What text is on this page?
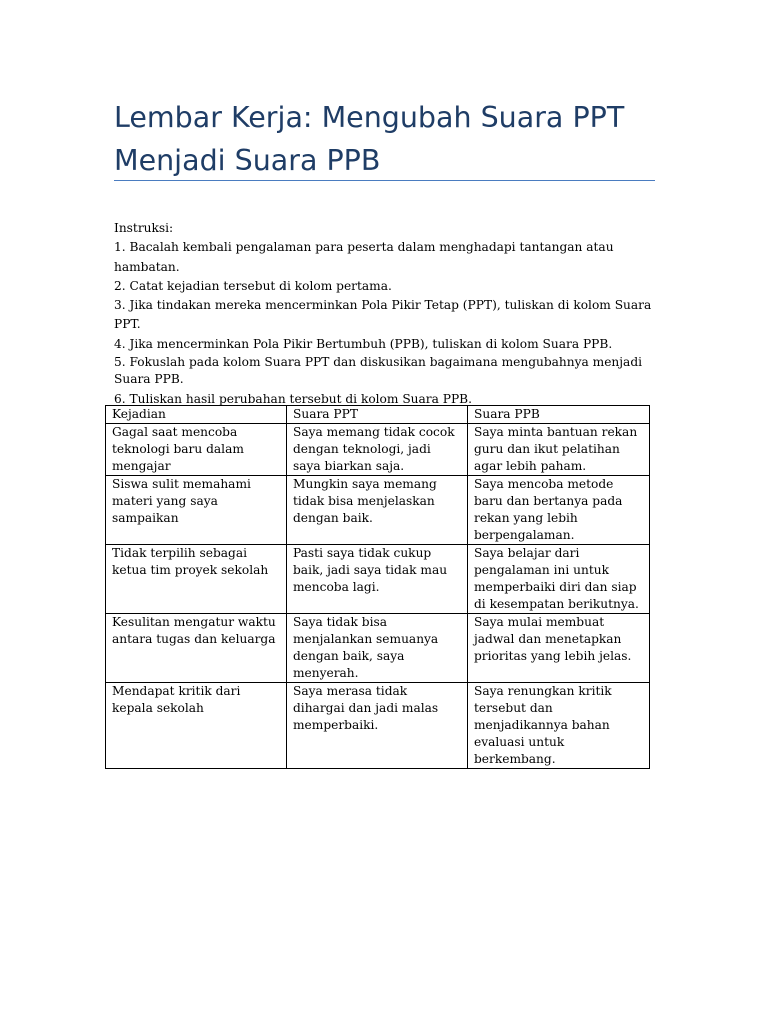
Lembar Kerja: Mengubah Suara PPT Menjadi Suara PPB

Instruksi:

1. Bacalah kembali pengalaman para peserta dalam menghadapi tantangan atau hambatan.
2. Catat kejadian tersebut di kolom pertama.
3. Jika tindakan mereka mencerminkan Pola Pikir Tetap (PPT), tuliskan di kolom Suara PPT.
4. Jika mencerminkan Pola Pikir Bertumbuh (PPB), tuliskan di kolom Suara PPB.
5. Fokuslah pada kolom Suara PPT dan diskusikan bagaimana mengubahnya menjadi Suara PPB.
6. Tuliskan hasil perubahan tersebut di kolom Suara PPB.
Kejadian	Suara PPT	Suara PPB
Gagal saat mencoba teknologi baru dalam mengajar	Saya memang tidak cocok dengan teknologi, jadi saya biarkan saja.	Saya minta bantuan rekan guru dan ikut pelatihan agar lebih paham.
Siswa sulit memahami materi yang saya sampaikan	Mungkin saya memang tidak bisa menjelaskan dengan baik.	Saya mencoba metode baru dan bertanya pada rekan yang lebih berpengalaman.
Tidak terpilih sebagai ketua tim proyek sekolah	Pasti saya tidak cukup baik, jadi saya tidak mau mencoba lagi.	Saya belajar dari pengalaman ini untuk memperbaiki diri dan siap di kesempatan berikutnya.
Kesulitan mengatur waktu antara tugas dan keluarga	Saya tidak bisa menjalankan semuanya dengan baik, saya menyerah.	Saya mulai membuat jadwal dan menetapkan prioritas yang lebih jelas.
Mendapat kritik dari kepala sekolah	Saya merasa tidak dihargai dan jadi malas memperbaiki.	Saya renungkan kritik tersebut dan menjadikannya bahan evaluasi untuk berkembang.
